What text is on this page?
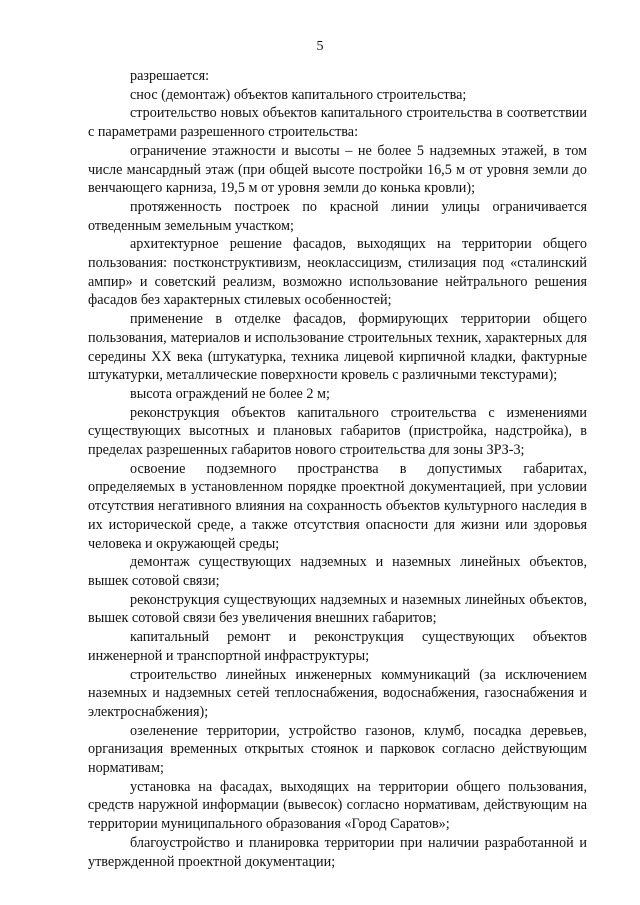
5

разрешается:

снос (демонтаж) объектов капитального строительства;

строительство новых объектов капитального строительства в соответствии с параметрами разрешенного строительства:

ограничение этажности и высоты – не более 5 надземных этажей, в том числе мансардный этаж (при общей высоте постройки 16,5 м от уровня земли до венчающего карниза, 19,5 м от уровня земли до конька кровли);

протяженность построек по красной линии улицы ограничивается отведенным земельным участком;

архитектурное решение фасадов, выходящих на территории общего пользования: постконструктивизм, неоклассицизм, стилизация под «сталинский ампир» и советский реализм, возможно использование нейтрального решения фасадов без характерных стилевых особенностей;

применение в отделке фасадов, формирующих территории общего пользования, материалов и использование строительных техник, характерных для середины XX века (штукатурка, техника лицевой кирпичной кладки, фактурные штукатурки, металлические поверхности кровель с различными текстурами);

высота ограждений не более 2 м;

реконструкция объектов капитального строительства с изменениями существующих высотных и плановых габаритов (пристройка, надстройка), в пределах разрешенных габаритов нового строительства для зоны ЗРЗ-3;

освоение подземного пространства в допустимых габаритах, определяемых в установленном порядке проектной документацией, при условии отсутствия негативного влияния на сохранность объектов культурного наследия в их исторической среде, а также отсутствия опасности для жизни или здоровья человека и окружающей среды;

демонтаж существующих надземных и наземных линейных объектов, вышек сотовой связи;

реконструкция существующих надземных и наземных линейных объектов, вышек сотовой связи без увеличения внешних габаритов;

капитальный ремонт и реконструкция существующих объектов инженерной и транспортной инфраструктуры;

строительство линейных инженерных коммуникаций (за исключением наземных и надземных сетей теплоснабжения, водоснабжения, газоснабжения и электроснабжения);

озеленение территории, устройство газонов, клумб, посадка деревьев, организация временных открытых стоянок и парковок согласно действующим нормативам;

установка на фасадах, выходящих на территории общего пользования, средств наружной информации (вывесок) согласно нормативам, действующим на территории муниципального образования «Город Саратов»;

благоустройство и планировка территории при наличии разработанной и утвержденной проектной документации;
